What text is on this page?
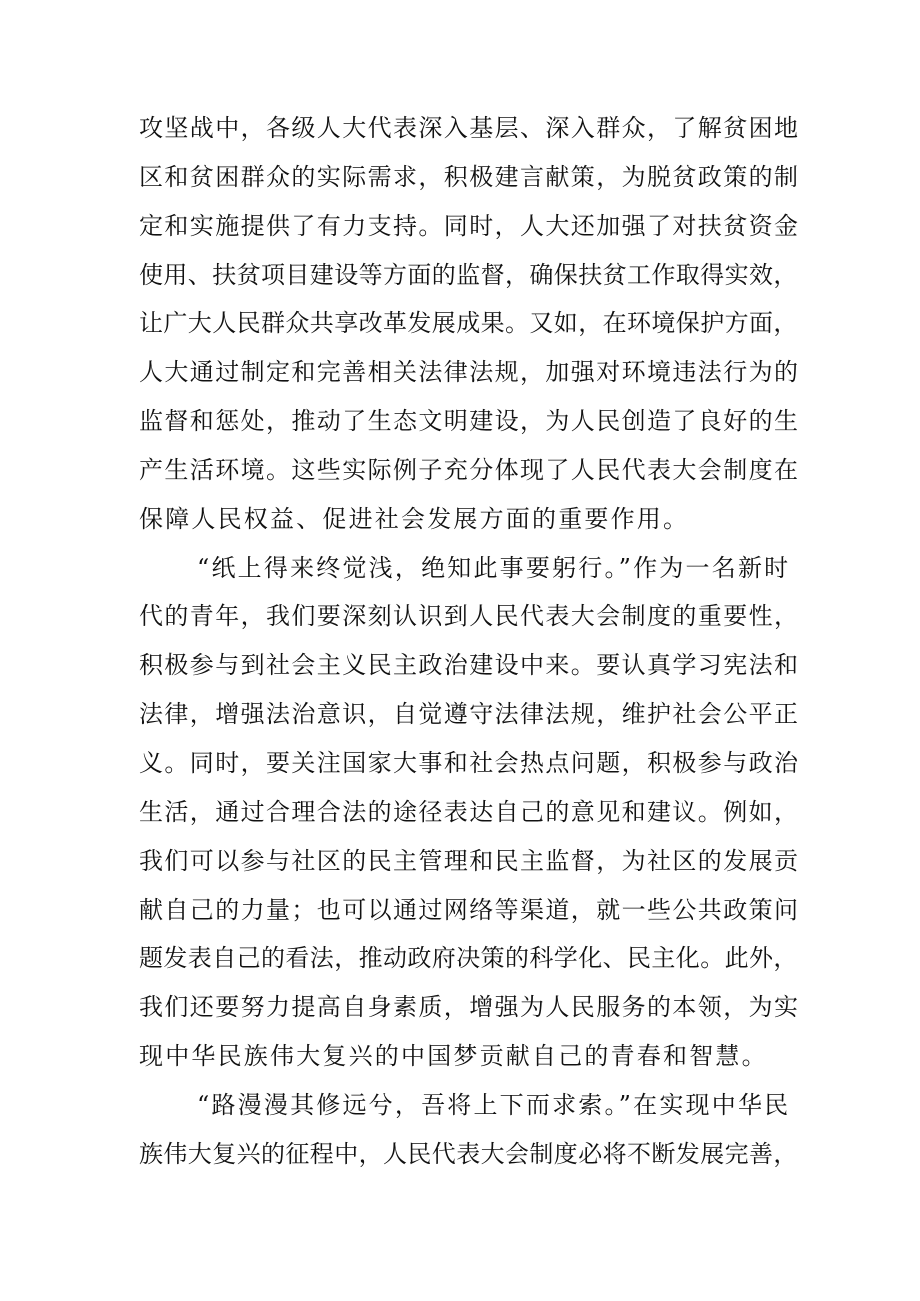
攻坚战中，各级人大代表深入基层、深入群众，了解贫困地
区和贫困群众的实际需求，积极建言献策，为脱贫政策的制
定和实施提供了有力支持。同时，人大还加强了对扶贫资金
使用、扶贫项目建设等方面的监督，确保扶贫工作取得实效，
让广大人民群众共享改革发展成果。又如，在环境保护方面，
人大通过制定和完善相关法律法规，加强对环境违法行为的
监督和惩处，推动了生态文明建设，为人民创造了良好的生
产生活环境。这些实际例子充分体现了人民代表大会制度在
保障人民权益、促进社会发展方面的重要作用。
“纸上得来终觉浅，绝知此事要躬行。”作为一名新时
代的青年，我们要深刻认识到人民代表大会制度的重要性，
积极参与到社会主义民主政治建设中来。要认真学习宪法和
法律，增强法治意识，自觉遵守法律法规，维护社会公平正
义。同时，要关注国家大事和社会热点问题，积极参与政治
生活，通过合理合法的途径表达自己的意见和建议。例如，
我们可以参与社区的民主管理和民主监督，为社区的发展贡
献自己的力量；也可以通过网络等渠道，就一些公共政策问
题发表自己的看法，推动政府决策的科学化、民主化。此外，
我们还要努力提高自身素质，增强为人民服务的本领，为实
现中华民族伟大复兴的中国梦贡献自己的青春和智慧。
“路漫漫其修远兮，吾将上下而求索。”在实现中华民
族伟大复兴的征程中，人民代表大会制度必将不断发展完善，
